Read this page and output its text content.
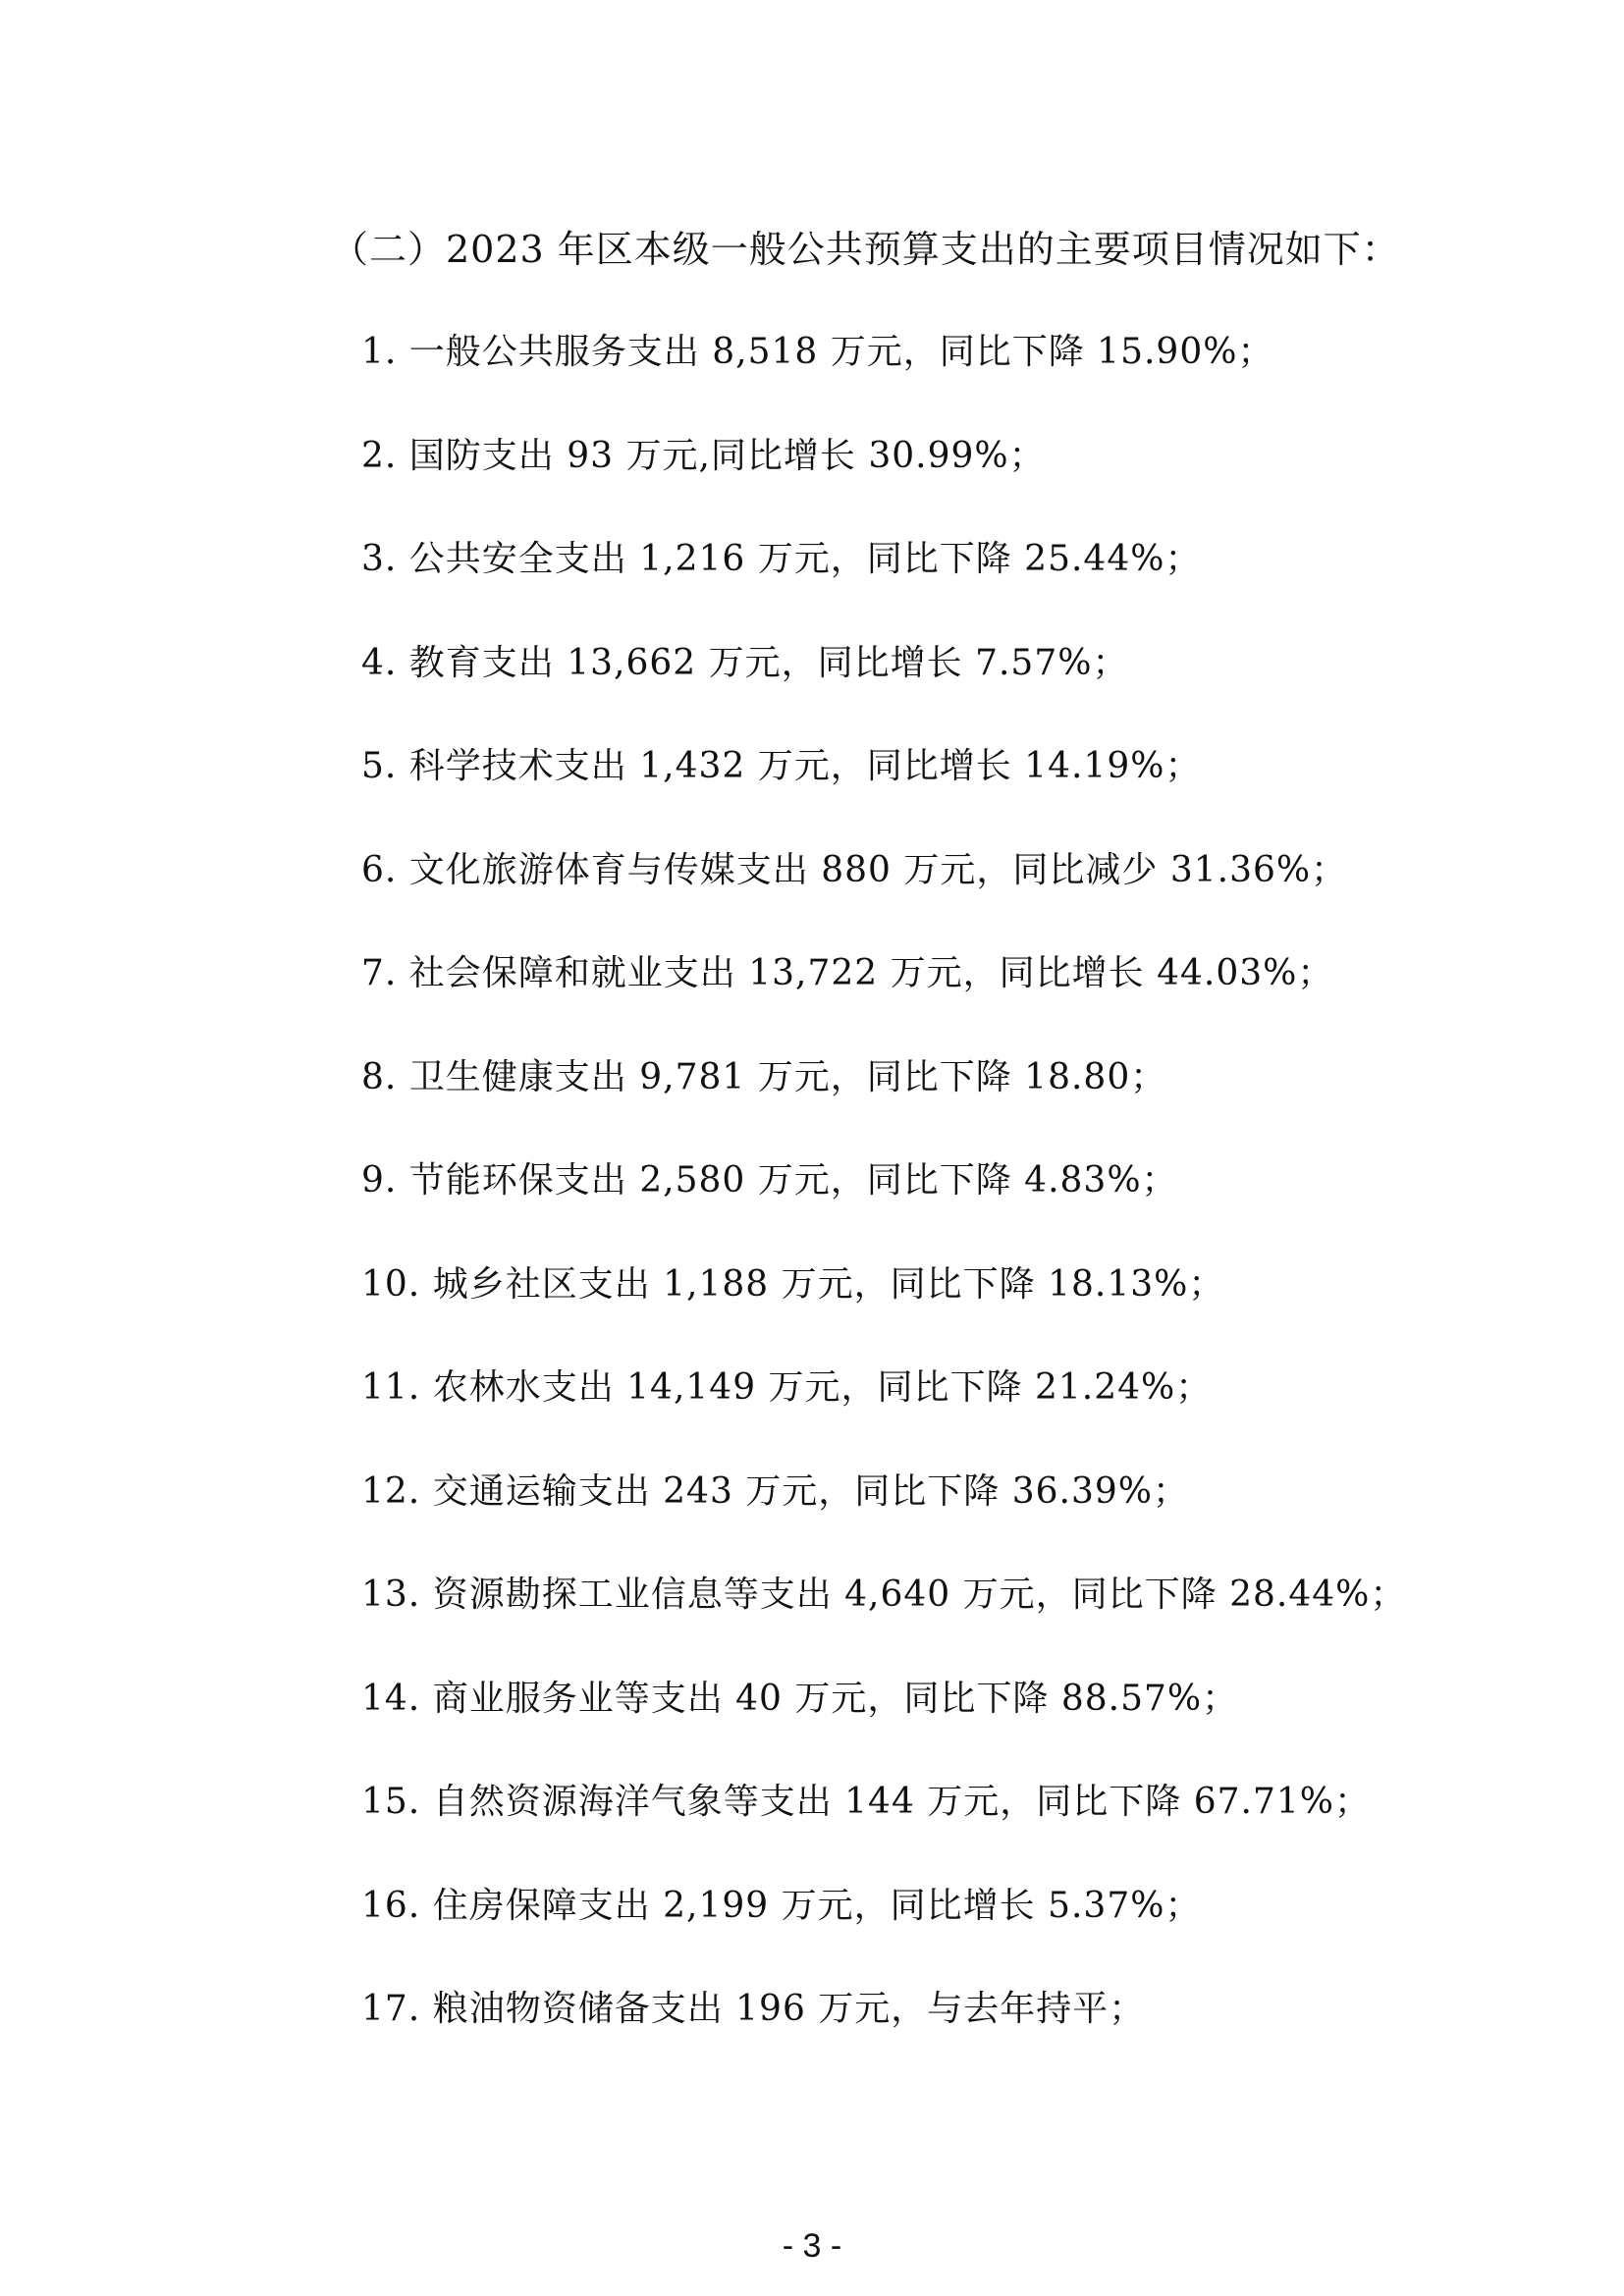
（二）2023 年区本级一般公共预算支出的主要项目情况如下：
1. 一般公共服务支出 8,518 万元，同比下降 15.90%；
2. 国防支出 93 万元,同比增长 30.99%；
3. 公共安全支出 1,216 万元，同比下降 25.44%；
4. 教育支出 13,662 万元，同比增长 7.57%；
5. 科学技术支出 1,432 万元，同比增长 14.19%；
6. 文化旅游体育与传媒支出 880 万元，同比减少 31.36%；
7. 社会保障和就业支出 13,722 万元，同比增长 44.03%；
8. 卫生健康支出 9,781 万元，同比下降 18.80；
9. 节能环保支出 2,580 万元，同比下降 4.83%；
10. 城乡社区支出 1,188 万元，同比下降 18.13%；
11. 农林水支出 14,149 万元，同比下降 21.24%；
12. 交通运输支出 243 万元，同比下降 36.39%；
13. 资源勘探工业信息等支出 4,640 万元，同比下降 28.44%；
14. 商业服务业等支出 40 万元，同比下降 88.57%；
15. 自然资源海洋气象等支出 144 万元，同比下降 67.71%；
16. 住房保障支出 2,199 万元，同比增长 5.37%；
17. 粮油物资储备支出 196 万元，与去年持平；
- 3 -
